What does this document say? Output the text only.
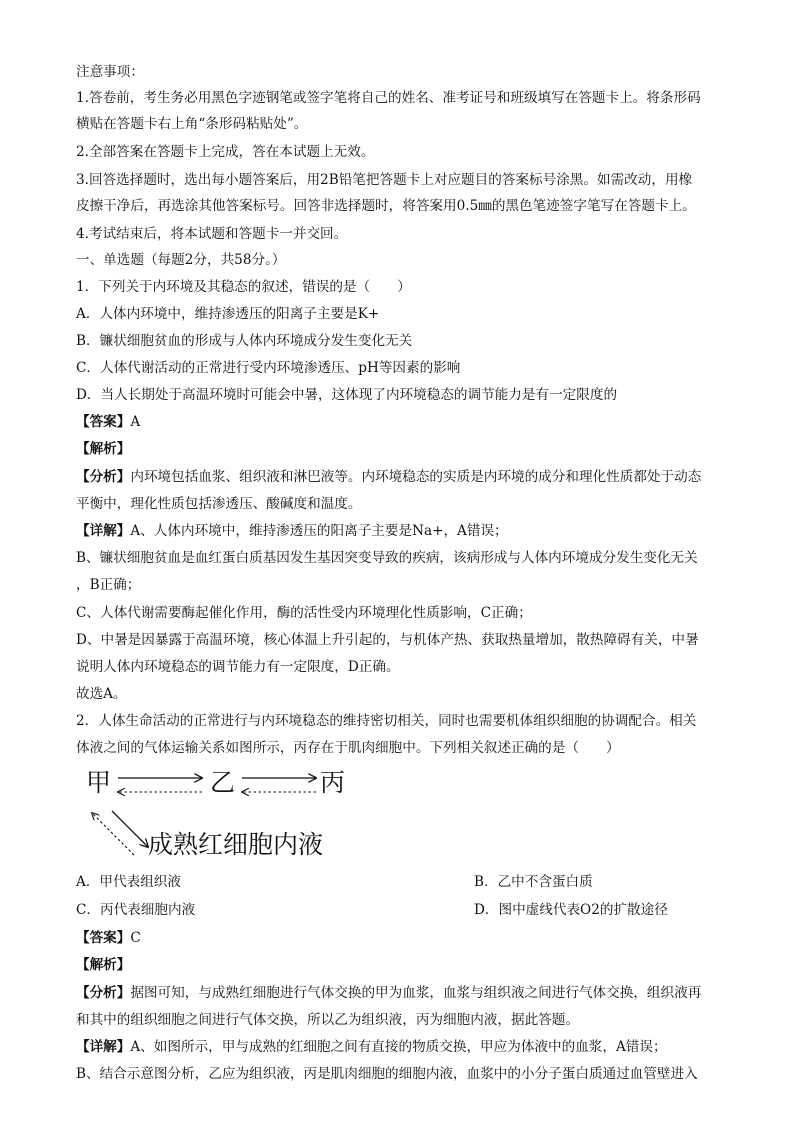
注意事项：
1.答卷前，考生务必用黑色字迹钢笔或签字笔将自己的姓名、准考证号和班级填写在答题卡上。将条形码
横贴在答题卡右上角“条形码粘贴处”。
2.全部答案在答题卡上完成，答在本试题上无效。
3.回答选择题时，选出每小题答案后，用2B铅笔把答题卡上对应题目的答案标号涂黑。如需改动，用橡
皮擦干净后，再选涂其他答案标号。回答非选择题时，将答案用0.5㎜的黑色笔迹签字笔写在答题卡上。
4.考试结束后，将本试题和答题卡一并交回。
一、单选题（每题2分，共58分。）
1．下列关于内环境及其稳态的叙述，错误的是（　　）
A．人体内环境中，维持渗透压的阳离子主要是K+
B．镰状细胞贫血的形成与人体内环境成分发生变化无关
C．人体代谢活动的正常进行受内环境渗透压、pH等因素的影响
D．当人长期处于高温环境时可能会中暑，这体现了内环境稳态的调节能力是有一定限度的
【答案】A
【解析】
【分析】内环境包括血浆、组织液和淋巴液等。内环境稳态的实质是内环境的成分和理化性质都处于动态
平衡中，理化性质包括渗透压、酸碱度和温度。
【详解】A、人体内环境中，维持渗透压的阳离子主要是Na+，A错误；
B、镰状细胞贫血是血红蛋白质基因发生基因突变导致的疾病，该病形成与人体内环境成分发生变化无关
，B正确；
C、人体代谢需要酶起催化作用，酶的活性受内环境理化性质影响，C正确；
D、中暑是因暴露于高温环境，核心体温上升引起的，与机体产热、获取热量增加，散热障碍有关，中暑
说明人体内环境稳态的调节能力有一定限度，D正确。
故选A。
2．人体生命活动的正常进行与内环境稳态的维持密切相关，同时也需要机体组织细胞的协调配合。相关
体液之间的气体运输关系如图所示，丙存在于肌肉细胞中。下列相关叙述正确的是（　　）
甲	乙	丙
成熟红细胞内液
A．甲代表组织液	B．乙中不含蛋白质
C．丙代表细胞内液	D．图中虚线代表O2的扩散途径
【答案】C
【解析】
【分析】据图可知，与成熟红细胞进行气体交换的甲为血浆，血浆与组织液之间进行气体交换，组织液再
和其中的组织细胞之间进行气体交换，所以乙为组织液，丙为细胞内液，据此答题。
【详解】A、如图所示，甲与成熟的红细胞之间有直接的物质交换，甲应为体液中的血浆，A错误；
B、结合示意图分析，乙应为组织液，丙是肌肉细胞的细胞内液，血浆中的小分子蛋白质通过血管壁进入
